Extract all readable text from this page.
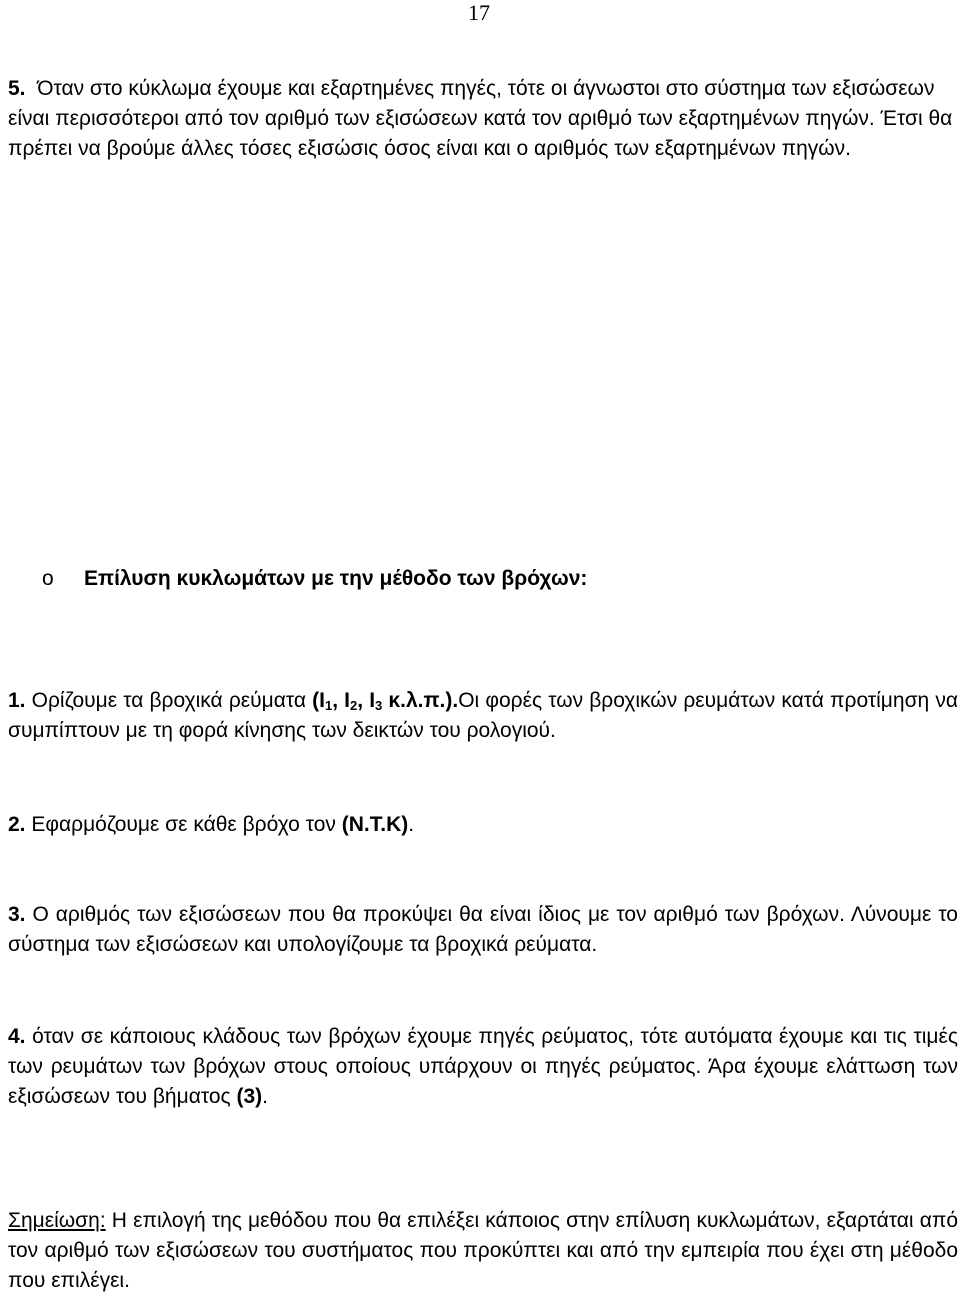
17
5. Όταν στο κύκλωμα έχουμε και εξαρτημένες πηγές, τότε οι άγνωστοι στο σύστημα των εξισώσεων είναι περισσότεροι από τον αριθμό των εξισώσεων κατά τον αριθμό των εξαρτημένων πηγών. Έτσι θα πρέπει να βρούμε άλλες τόσες εξισώσις όσος είναι και ο αριθμός των εξαρτημένων πηγών.
o Επίλυση κυκλωμάτων με την μέθοδο των βρόχων:
1. Ορίζουμε τα βροχικά ρεύματα ($I_1$, $I_2$, $I_3$ κ.λ.π.).Οι φορές των βροχικών ρευμάτων κατά προτίμηση να συμπίπτουν με τη φορά κίνησης των δεικτών του ρολογιού.
2. Εφαρμόζουμε σε κάθε βρόχο τον (Ν.Τ.Κ).
3. Ο αριθμός των εξισώσεων που θα προκύψει θα είναι ίδιος με τον αριθμό των βρόχων. Λύνουμε το σύστημα των εξισώσεων και υπολογίζουμε τα βροχικά ρεύματα.
4. όταν σε κάποιους κλάδους των βρόχων έχουμε πηγές ρεύματος, τότε αυτόματα έχουμε και τις τιμές των ρευμάτων των βρόχων στους οποίους υπάρχουν οι πηγές ρεύματος. Άρα έχουμε ελάττωση των εξισώσεων του βήματος (3).
Σημείωση: Η επιλογή της μεθόδου που θα επιλέξει κάποιος στην επίλυση κυκλωμάτων, εξαρτάται από τον αριθμό των εξισώσεων του συστήματος που προκύπτει και από την εμπειρία που έχει στη μέθοδο που επιλέγει.
